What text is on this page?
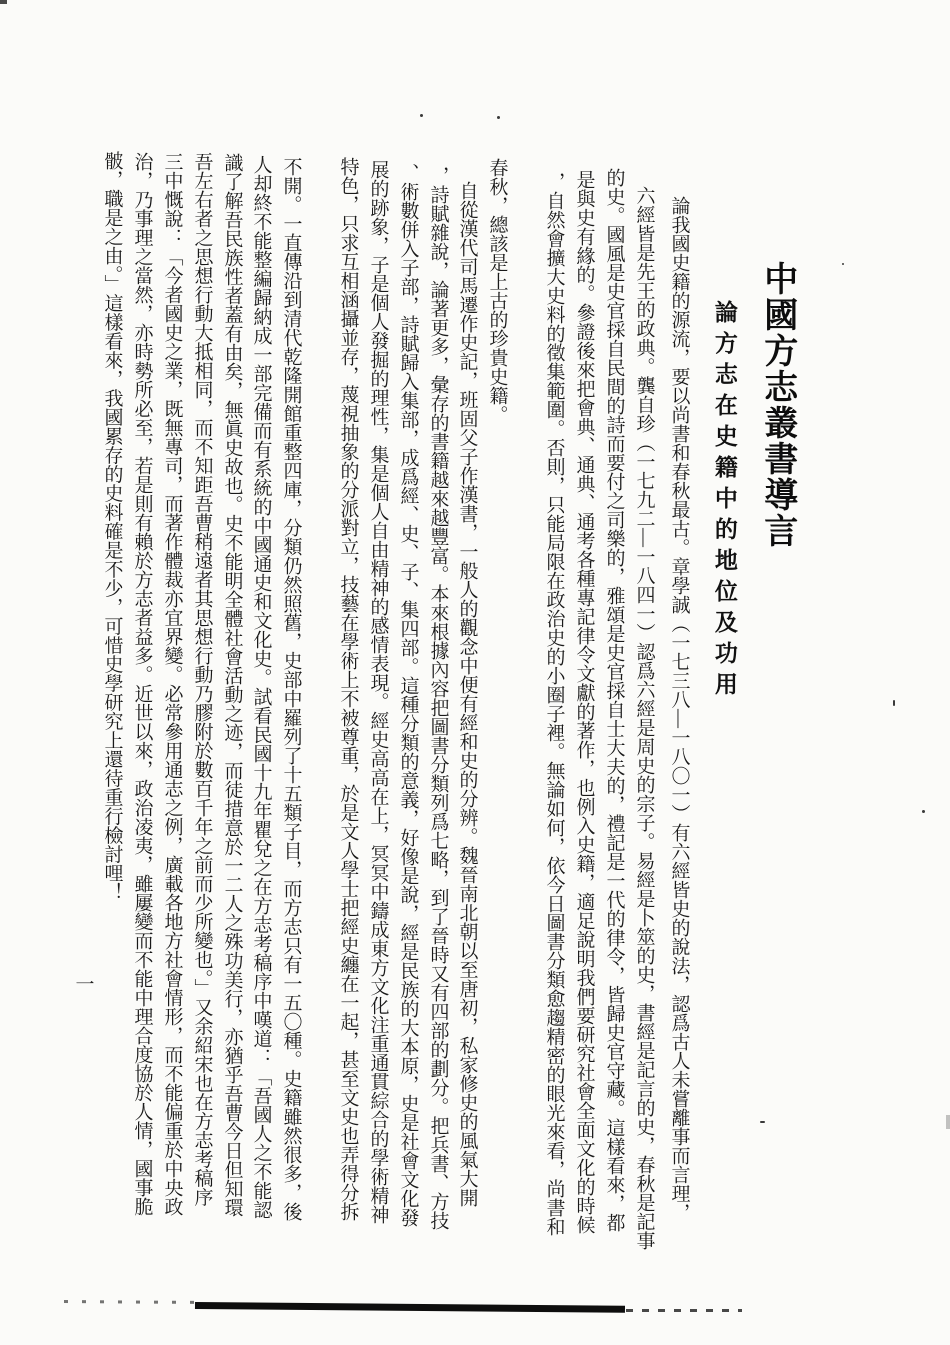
中國方志叢書導言
論方志在史籍中的地位及功用
論我國史籍的源流，要以尚書和春秋最古。章學誠（一七三八—一八〇一）有六經皆史的說法，認爲古人未嘗離事而言理，
六經皆是先王的政典。龔自珍（一七九二—一八四一）認爲六經是周史的宗子。易經是卜筮的史，書經是記言的史，春秋是記事
的史。國風是史官採自民間的詩而要付之司樂的，雅頌是史官採自士大夫的，禮記是一代的律令，皆歸史官守藏。這樣看來，都
是與史有緣的。參證後來把會典、通典、通考各種專記律令文獻的著作，也例入史籍，適足說明我們要研究社會全面文化的時候
，自然會擴大史料的徵集範圍。否則，只能局限在政治史的小圈子裡。無論如何，依今日圖書分類愈趨精密的眼光來看，尚書和
春秋，總該是上古的珍貴史籍。
自從漢代司馬遷作史記，班固父子作漢書，一般人的觀念中便有經和史的分辨。魏晉南北朝以至唐初，私家修史的風氣大開
，詩賦雜說，論著更多，彙存的書籍越來越豐富。本來根據內容把圖書分類列爲七略，到了晉時又有四部的劃分。把兵書、方技
、術數併入子部，詩賦歸入集部，成爲經、史、子、集四部。這種分類的意義，好像是說，經是民族的大本原，史是社會文化發
展的跡象，子是個人發掘的理性，集是個人自由精神的感情表現。經史高高在上，冥冥中鑄成東方文化注重通貫綜合的學術精神
特色，只求互相涵攝並存，蔑視抽象的分派對立，技藝在學術上不被尊重，於是文人學士把經史纏在一起，甚至文史也弄得分拆
不開。一直傳沿到清代乾隆開館重整四庫，分類仍然照舊，史部中羅列了十五類子目，而方志只有一五〇種。史籍雖然很多，後
人却終不能整編歸納成一部完備而有系統的中國通史和文化史。試看民國十九年瞿兌之在方志考稿序中嘆道：「吾國人之不能認
識了解吾民族性者蓋有由矣，無眞史故也。史不能明全體社會活動之迹，而徒措意於一二人之殊功美行，亦猶乎吾曹今日但知環
吾左右者之思想行動大抵相同，而不知距吾曹稍遠者其思想行動乃膠附於數百千年之前而少所變也。」又余紹宋也在方志考稿序
三中慨說：「今者國史之業，既無專司，而著作體裁亦宜界變。必常參用通志之例，廣載各地方社會情形，而不能偏重於中央政
治，乃事理之當然，亦時勢所必至，若是則有賴於方志者益多。近世以來，政治凌夷，雖屢變而不能中理合度協於人情，國事脆
骳，職是之由。」這樣看來，我國累存的史料確是不少，可惜史學研究上還待重行檢討哩！
一
